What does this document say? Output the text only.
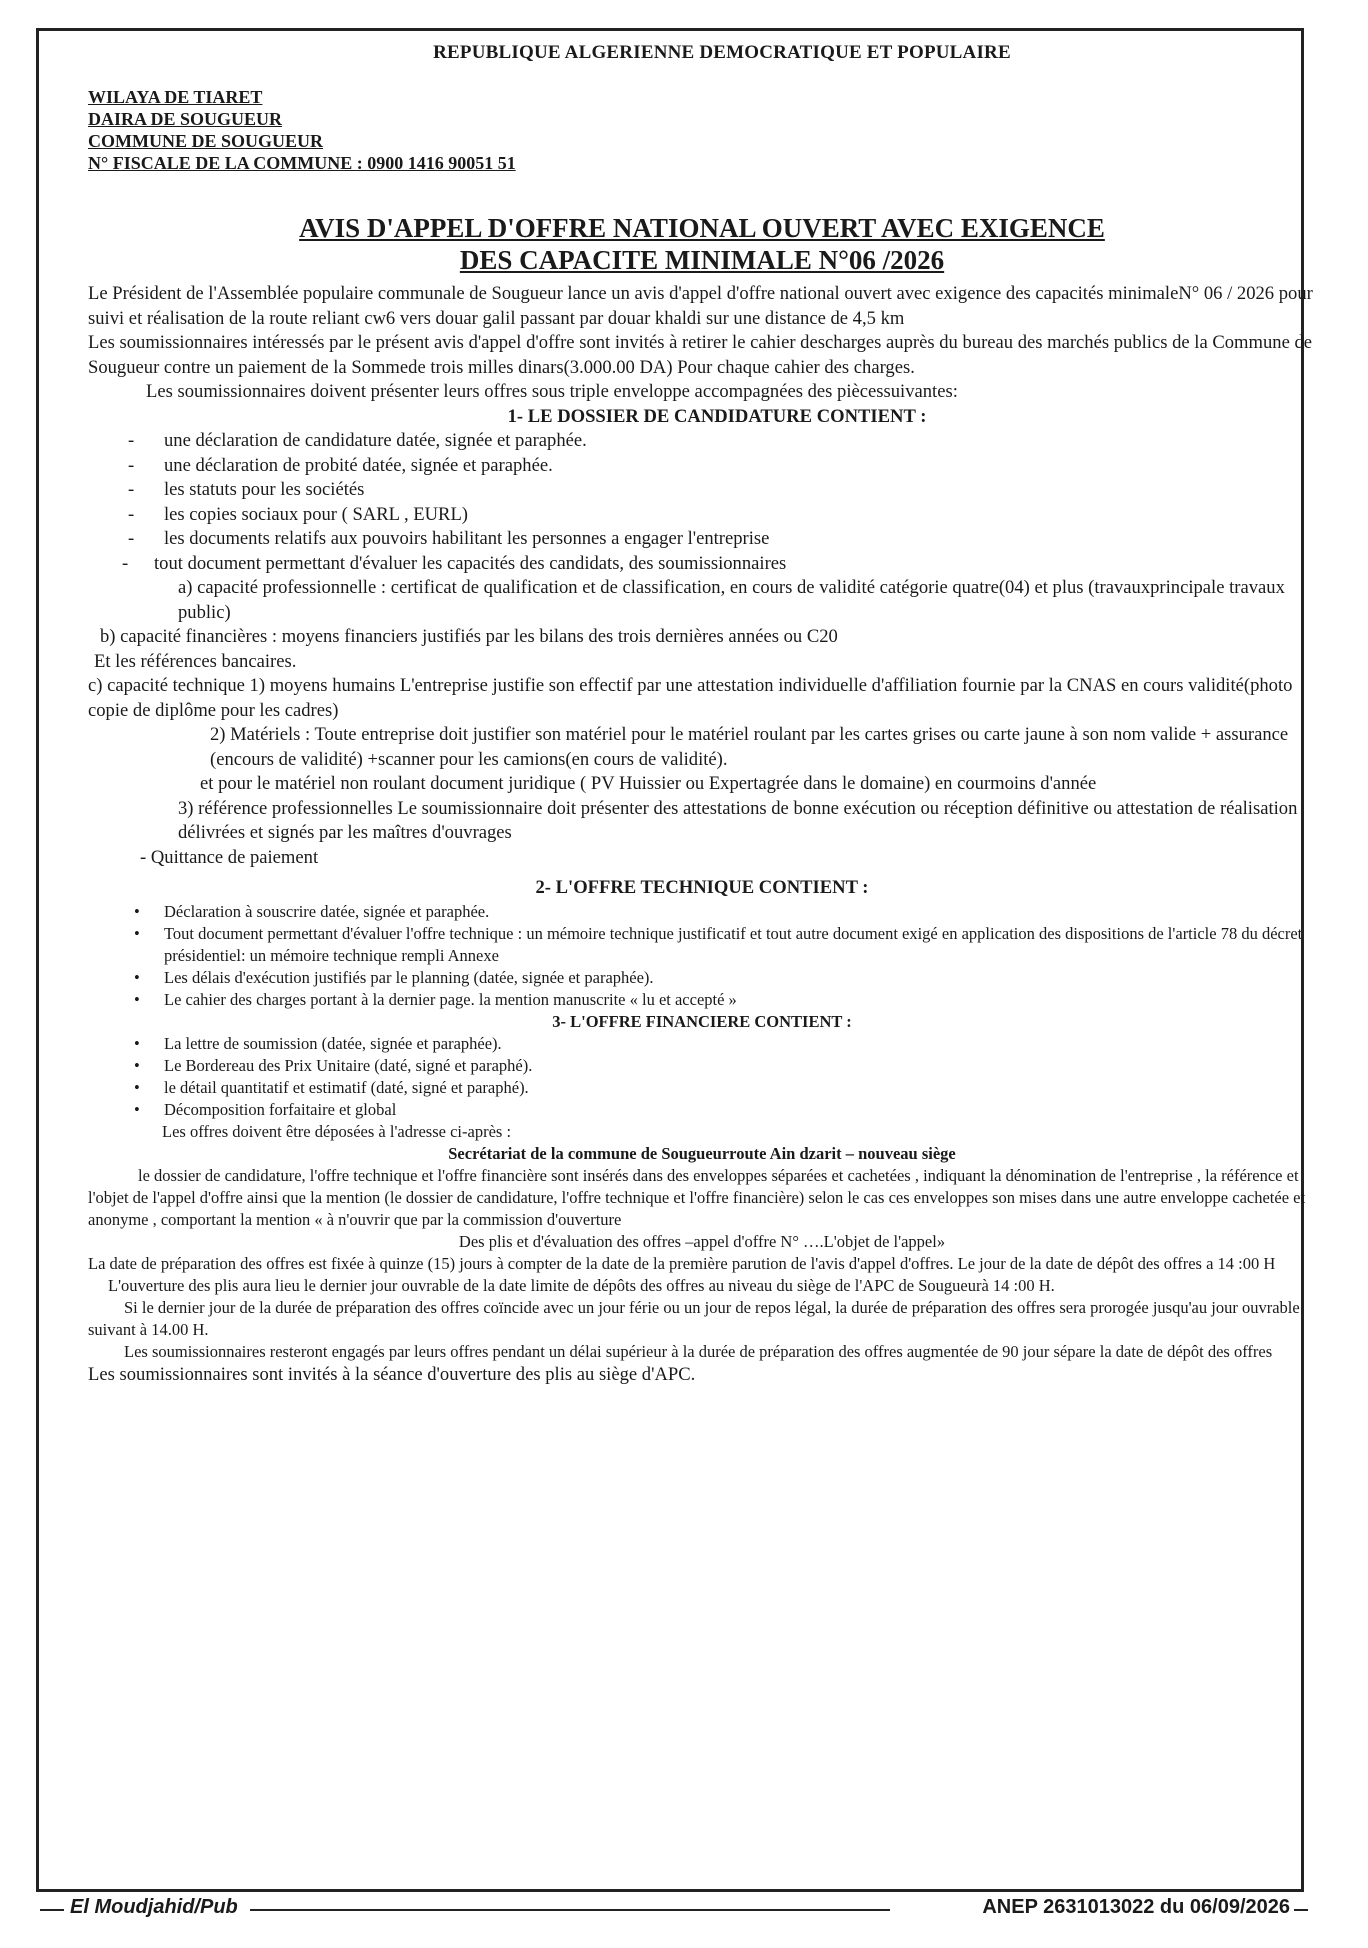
REPUBLIQUE ALGERIENNE DEMOCRATIQUE ET POPULAIRE
WILAYA DE TIARET
DAIRA DE SOUGUEUR
COMMUNE DE SOUGUEUR
N° FISCALE DE LA COMMUNE : 0900 1416 90051 51
AVIS D'APPEL D'OFFRE NATIONAL OUVERT AVEC EXIGENCE
DES CAPACITE MINIMALE N°06 /2026

Le Président de l'Assemblée populaire communale de Sougueur lance un avis d'appel d'offre national ouvert avec exigence des capacités minimaleN° 06 / 2026 pour suivi et réalisation de la route reliant cw6 vers douar galil passant par douar khaldi sur une distance de 4,5 km

Les soumissionnaires intéressés par le présent avis d'appel d'offre sont invités à retirer le cahier descharges auprès du bureau des marchés publics de la Commune de Sougueur contre un paiement de la Sommede trois milles dinars(3.000.00 DA) Pour chaque cahier des charges.

Les soumissionnaires doivent présenter leurs offres sous triple enveloppe accompagnées des piècessuivantes:

1- LE DOSSIER DE CANDIDATURE CONTIENT :

- une déclaration de candidature datée, signée et paraphée.
- une déclaration de probité datée, signée et paraphée.
- les statuts pour les sociétés
- les copies sociaux pour ( SARL , EURL)
- les documents relatifs aux pouvoirs habilitant les personnes a engager l'entreprise
- tout document permettant d'évaluer les capacités des candidats, des soumissionnaires

a) capacité professionnelle : certificat de qualification et de classification, en cours de validité catégorie quatre(04) et plus (travauxprincipale travaux public)

b) capacité financières : moyens financiers justifiés par les bilans des trois dernières années ou C20

Et les références bancaires.

c) capacité technique 1) moyens humains L'entreprise justifie son effectif par une attestation individuelle d'affiliation fournie par la CNAS en cours validité(photo copie de diplôme pour les cadres)

2) Matériels : Toute entreprise doit justifier son matériel pour le matériel roulant par les cartes grises ou carte jaune à son nom valide + assurance (encours de validité) +scanner pour les camions(en cours de validité).

et pour le matériel non roulant document juridique ( PV Huissier ou Expertagrée dans le domaine) en courmoins d'année

3) référence professionnelles Le soumissionnaire doit présenter des attestations de bonne exécution ou réception définitive ou attestation de réalisation délivrées et signés par les maîtres d'ouvrages

- Quittance de paiement

2- L'OFFRE TECHNIQUE CONTIENT :

• Déclaration à souscrire datée, signée et paraphée.
• Tout document permettant d'évaluer l'offre technique : un mémoire technique justificatif et tout autre document exigé en application des dispositions de l'article 78 du décret présidentiel: un mémoire technique rempli Annexe
• Les délais d'exécution justifiés par le planning (datée, signée et paraphée).
• Le cahier des charges portant à la dernier page. la mention manuscrite « lu et accepté »

3- L'OFFRE FINANCIERE CONTIENT :

• La lettre de soumission (datée, signée et paraphée).
• Le Bordereau des Prix Unitaire (daté, signé et paraphé).
• le détail quantitatif et estimatif (daté, signé et paraphé).
• Décomposition forfaitaire et global

Les offres doivent être déposées à l'adresse ci-après :

Secrétariat de la commune de Sougueurroute Ain dzarit – nouveau siège

le dossier de candidature, l'offre technique et l'offre financière sont insérés dans des enveloppes séparées et cachetées , indiquant la dénomination de l'entreprise , la référence et l'objet de l'appel d'offre ainsi que la mention (le dossier de candidature, l'offre technique et l'offre financière) selon le cas ces enveloppes son mises dans une autre enveloppe cachetée et anonyme , comportant la mention « à n'ouvrir que par la commission d'ouverture

Des plis et d'évaluation des offres –appel d'offre N° ….L'objet de l'appel»

La date de préparation des offres est fixée à quinze (15) jours à compter de la date de la première parution de l'avis d'appel d'offres. Le jour de la date de dépôt des offres a 14 :00 H

L'ouverture des plis aura lieu le dernier jour ouvrable de la date limite de dépôts des offres au niveau du siège de l'APC de Sougueurà 14 :00 H.

Si le dernier jour de la durée de préparation des offres coïncide avec un jour férie ou un jour de repos légal, la durée de préparation des offres sera prorogée jusqu'au jour ouvrable suivant à 14.00 H.

Les soumissionnaires resteront engagés par leurs offres pendant un délai supérieur à la durée de préparation des offres augmentée de 90 jour sépare la date de dépôt des offres

Les soumissionnaires sont invités à la séance d'ouverture des plis au siège d'APC.

El Moudjahid/Pub	ANEP 2631013022 du 06/09/2026
